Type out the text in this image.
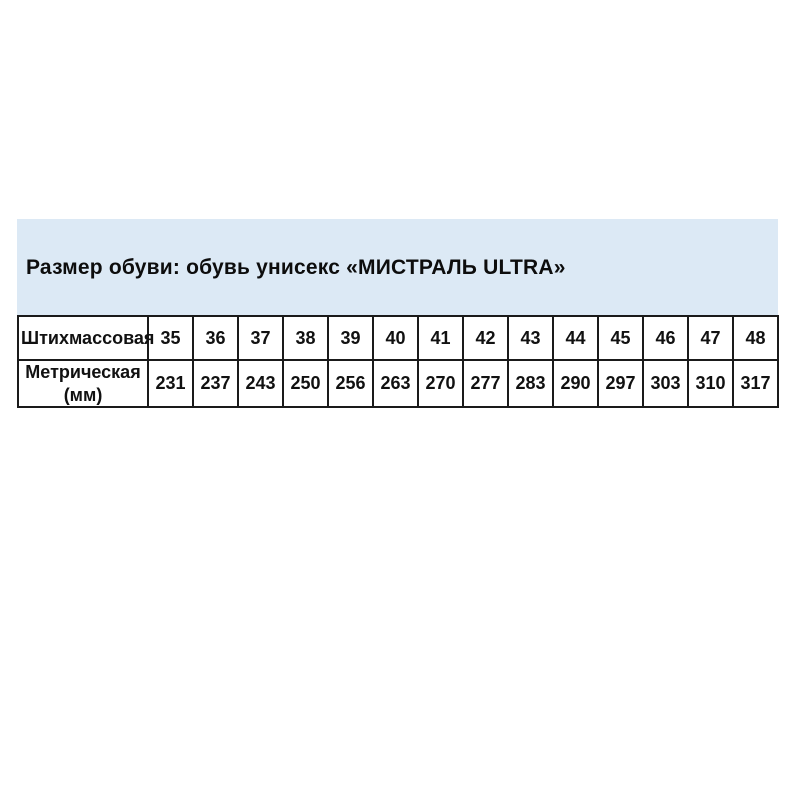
Размер обуви: обувь унисекс «МИСТРАЛЬ ULTRA»
Штихмассовая	35	36	37	38	39	40	41	42	43	44	45	46	47	48
Метрическая (мм)	231	237	243	250	256	263	270	277	283	290	297	303	310	317
